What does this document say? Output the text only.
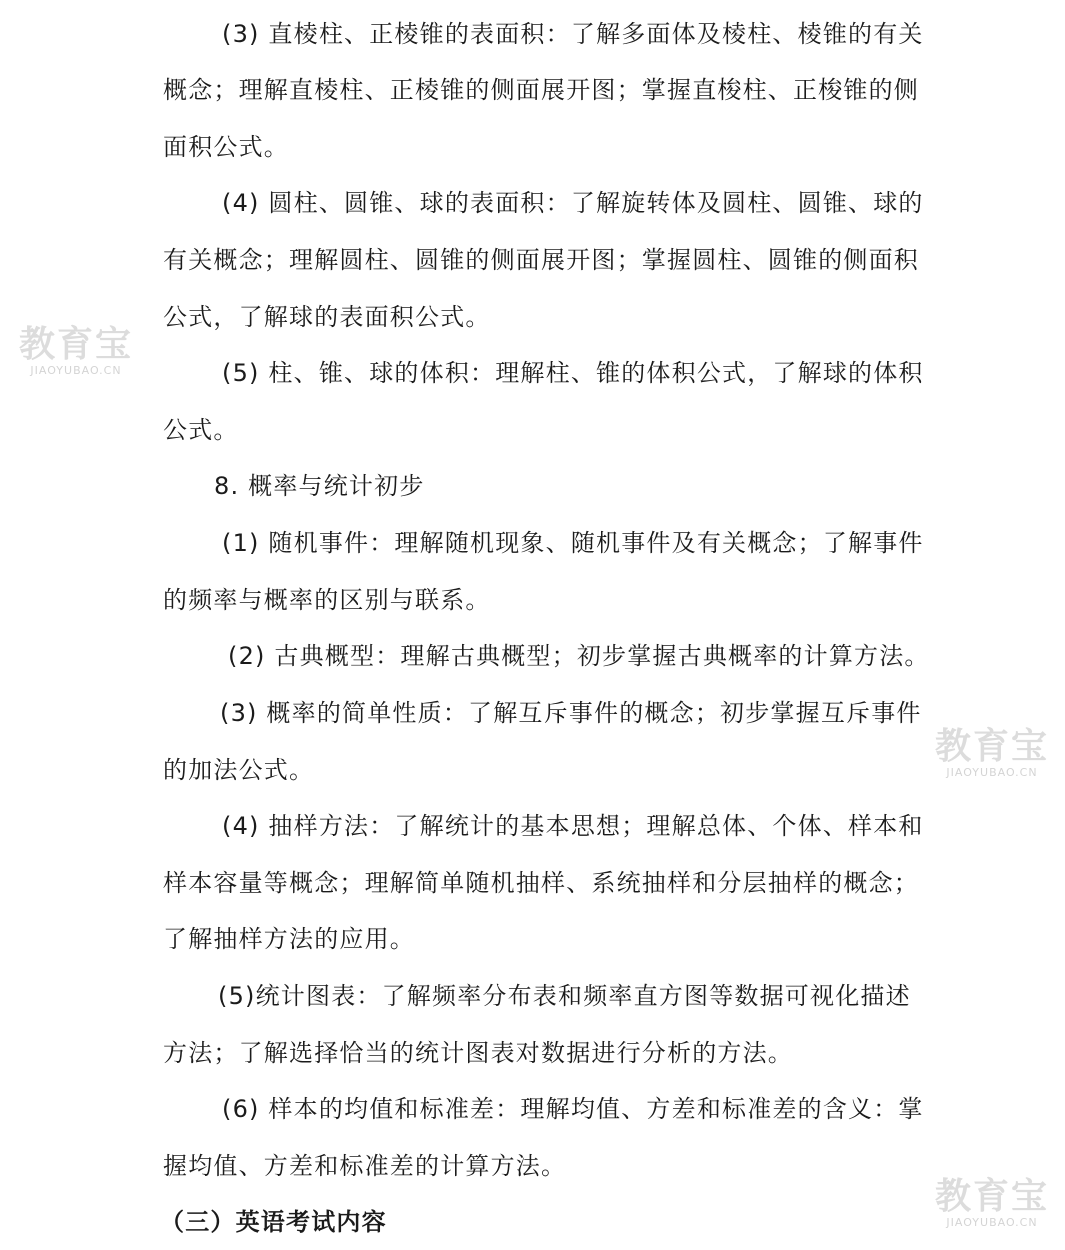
(3) 直棱柱、正棱锥的表面积：了解多面体及棱柱、棱锥的有关

概念；理解直棱柱、正棱锥的侧面展开图；掌握直梭柱、正梭锥的侧

面积公式。

(4) 圆柱、圆锥、球的表面积：了解旋转体及圆柱、圆锥、球的

有关概念；理解圆柱、圆锥的侧面展开图；掌握圆柱、圆锥的侧面积

公式，了解球的表面积公式。

(5) 柱、锥、球的体积：理解柱、锥的体积公式，了解球的体积

公式。

8. 概率与统计初步

(1) 随机事件：理解随机现象、随机事件及有关概念；了解事件

的频率与概率的区别与联系。

(2) 古典概型：理解古典概型；初步掌握古典概率的计算方法。

(3) 概率的简单性质：了解互斥事件的概念；初步掌握互斥事件

的加法公式。

(4) 抽样方法：了解统计的基本思想；理解总体、个体、样本和

样本容量等概念；理解简单随机抽样、系统抽样和分层抽样的概念；

了解抽样方法的应用。

(5)统计图表：了解频率分布表和频率直方图等数据可视化描述

方法；了解选择恰当的统计图表对数据进行分析的方法。

(6) 样本的均值和标准差：理解均值、方差和标准差的含义：掌

握均值、方差和标准差的计算方法。

（三）英语考试内容

教育宝
JIAOYUBAO.CN
教育宝
JIAOYUBAO.CN
教育宝
JIAOYUBAO.CN
